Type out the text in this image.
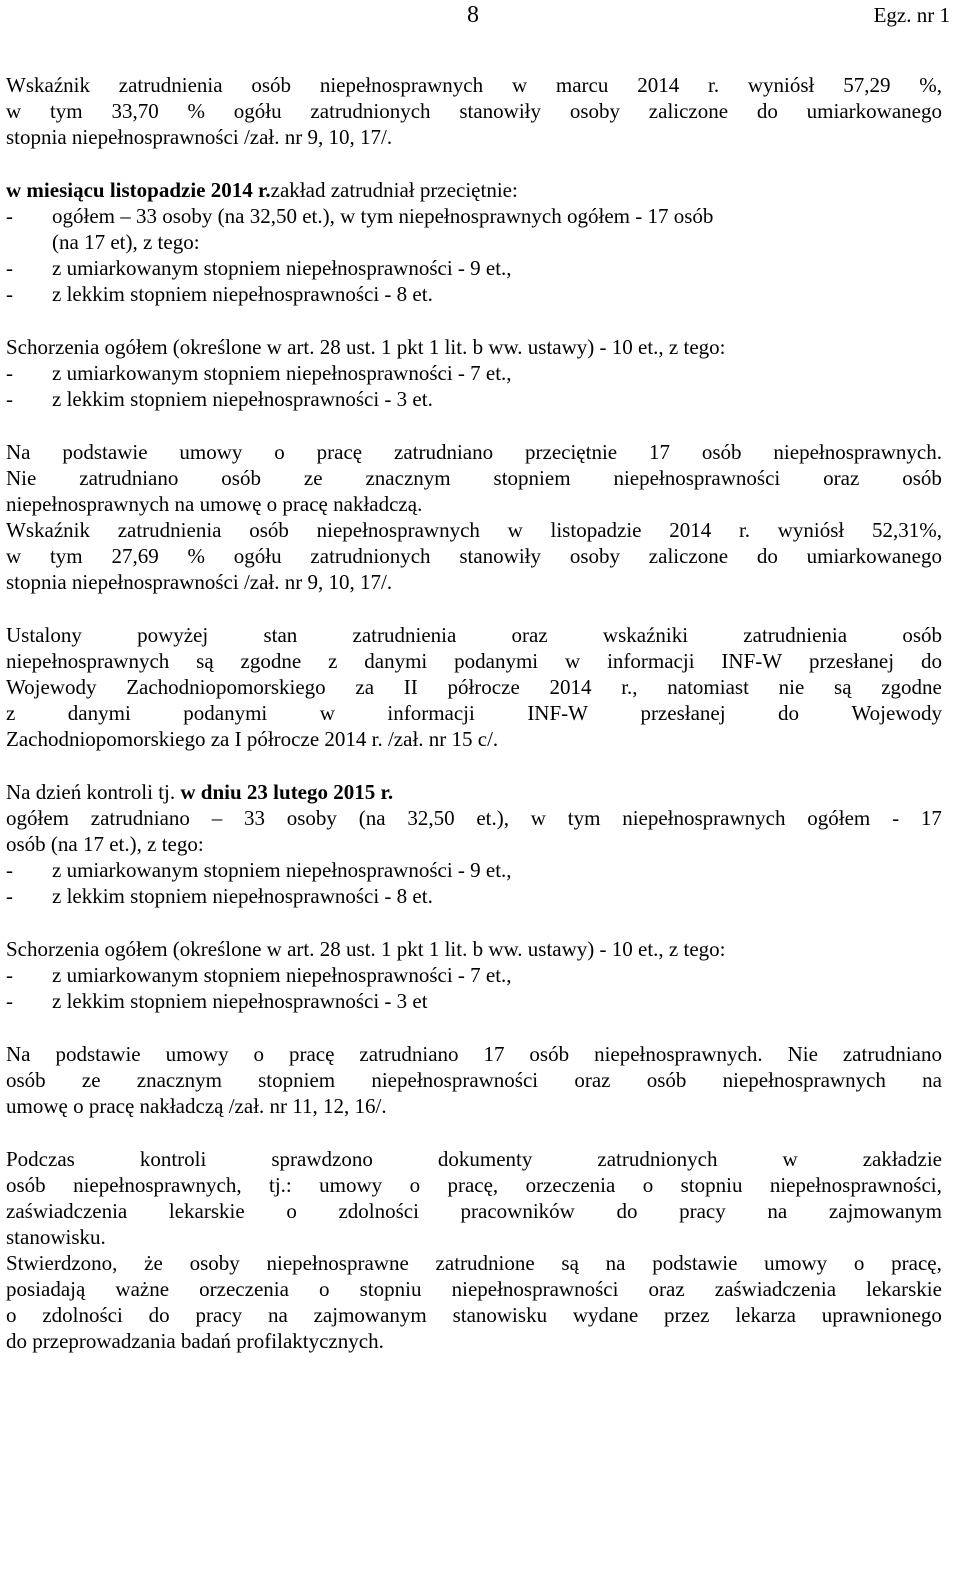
8	Egz. nr 1
Wskaźnik zatrudnienia osób niepełnosprawnych w marcu 2014 r. wyniósł 57,29 %,
w tym 33,70 % ogółu zatrudnionych stanowiły osoby zaliczone do umiarkowanego
stopnia niepełnosprawności /zał. nr 9, 10, 17/.
w miesiącu listopadzie 2014 r. zakład zatrudniał przeciętnie:
-	ogółem – 33 osoby (na 32,50 et.), w tym niepełnosprawnych ogółem - 17 osób
(na 17 et), z tego:
-	z umiarkowanym stopniem niepełnosprawności - 9 et.,
-	z lekkim stopniem niepełnosprawności - 8 et.
Schorzenia ogółem (określone w art. 28 ust. 1 pkt 1 lit. b ww. ustawy) - 10 et., z tego:
-	z umiarkowanym stopniem niepełnosprawności - 7 et.,
-	z lekkim stopniem niepełnosprawności - 3 et.
Na podstawie umowy o pracę zatrudniano przeciętnie 17 osób niepełnosprawnych.
Nie zatrudniano osób ze znacznym stopniem niepełnosprawności oraz osób
niepełnosprawnych na umowę o pracę nakładczą.
Wskaźnik zatrudnienia osób niepełnosprawnych w listopadzie 2014 r. wyniósł 52,31%,
w tym 27,69 % ogółu zatrudnionych stanowiły osoby zaliczone do umiarkowanego
stopnia niepełnosprawności /zał. nr 9, 10, 17/.
Ustalony	powyżej	stan	zatrudnienia	oraz	wskaźniki	zatrudnienia	osób
niepełnosprawnych są zgodne z danymi podanymi w informacji INF-W przesłanej do
Wojewody Zachodniopomorskiego za II półrocze 2014 r., natomiast nie są zgodne
z danymi podanymi w informacji INF-W przesłanej do Wojewody
Zachodniopomorskiego za I półrocze 2014 r. /zał. nr 15 c/.
Na dzień kontroli tj.
w dniu 23 lutego 2015 r.
ogółem zatrudniano – 33 osoby (na 32,50 et.), w tym niepełnosprawnych ogółem - 17
osób (na 17 et.), z tego:
-	z umiarkowanym stopniem niepełnosprawności - 9 et.,
-	z lekkim stopniem niepełnosprawności - 8 et.
Schorzenia ogółem (określone w art. 28 ust. 1 pkt 1 lit. b ww. ustawy) - 10 et., z tego:
-	z umiarkowanym stopniem niepełnosprawności - 7 et.,
-	z lekkim stopniem niepełnosprawności - 3 et
Na podstawie umowy o pracę zatrudniano 17 osób niepełnosprawnych. Nie zatrudniano
osób ze znacznym stopniem niepełnosprawności oraz osób niepełnosprawnych na
umowę o pracę nakładczą /zał. nr 11, 12, 16/.
Podczas	kontroli	sprawdzono	dokumenty	zatrudnionych	w	zakładzie
osób niepełnosprawnych, tj.: umowy o pracę, orzeczenia o stopniu niepełnosprawności,
zaświadczenia lekarskie o zdolności pracowników do pracy na zajmowanym
stanowisku.
Stwierdzono, że osoby niepełnosprawne zatrudnione są na podstawie umowy o pracę,
posiadają ważne orzeczenia o stopniu niepełnosprawności oraz zaświadczenia lekarskie
o zdolności do pracy na zajmowanym stanowisku wydane przez lekarza uprawnionego
do przeprowadzania badań profilaktycznych.
